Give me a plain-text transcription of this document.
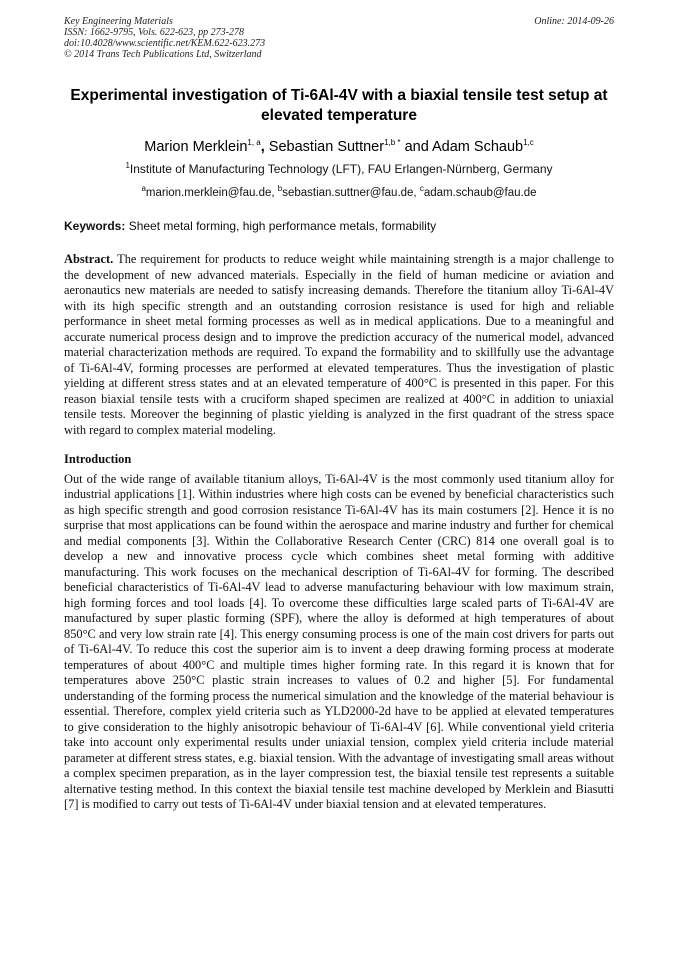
Key Engineering Materials
ISSN: 1662-9795, Vols. 622-623, pp 273-278
doi:10.4028/www.scientific.net/KEM.622-623.273
© 2014 Trans Tech Publications Ltd, Switzerland
Online: 2014-09-26
Experimental investigation of Ti-6Al-4V with a biaxial tensile test setup at elevated temperature
Marion Merklein$^{1, a}$, Sebastian Suttner$^{1,b *}$ and Adam Schaub$^{1,c}$
$^1$Institute of Manufacturing Technology (LFT), FAU Erlangen-Nürnberg, Germany
$^a$marion.merklein@fau.de, $^b$sebastian.suttner@fau.de, $^c$adam.schaub@fau.de
Keywords: Sheet metal forming, high performance metals, formability

Abstract. The requirement for products to reduce weight while maintaining strength is a major challenge to the development of new advanced materials. Especially in the field of human medicine or aviation and aeronautics new materials are needed to satisfy increasing demands. Therefore the titanium alloy Ti-6Al-4V with its high specific strength and an outstanding corrosion resistance is used for high and reliable performance in sheet metal forming processes as well as in medical applications. Due to a meaningful and accurate numerical process design and to improve the prediction accuracy of the numerical model, advanced material characterization methods are required. To expand the formability and to skillfully use the advantage of Ti-6Al-4V, forming processes are performed at elevated temperatures. Thus the investigation of plastic yielding at different stress states and at an elevated temperature of 400°C is presented in this paper. For this reason biaxial tensile tests with a cruciform shaped specimen are realized at 400°C in addition to uniaxial tensile tests. Moreover the beginning of plastic yielding is analyzed in the first quadrant of the stress space with regard to complex material modeling.

Introduction

Out of the wide range of available titanium alloys, Ti-6Al-4V is the most commonly used titanium alloy for industrial applications [1]. Within industries where high costs can be evened by beneficial characteristics such as high specific strength and good corrosion resistance Ti-6Al-4V has its main costumers [2]. Hence it is no surprise that most applications can be found within the aerospace and marine industry and further for chemical and medial components [3]. Within the Collaborative Research Center (CRC) 814 one overall goal is to develop a new and innovative process cycle which combines sheet metal forming with additive manufacturing. This work focuses on the mechanical description of Ti-6Al-4V for forming. The described beneficial characteristics of Ti-6Al-4V lead to adverse manufacturing behaviour with low maximum strain, high forming forces and tool loads [4]. To overcome these difficulties large scaled parts of Ti-6Al-4V are manufactured by super plastic forming (SPF), where the alloy is deformed at high temperatures of about 850°C and very low strain rate [4]. This energy consuming process is one of the main cost drivers for parts out of Ti-6Al-4V. To reduce this cost the superior aim is to invent a deep drawing forming process at moderate temperatures of about 400°C and multiple times higher forming rate. In this regard it is known that for temperatures above 250°C plastic strain increases to values of 0.2 and higher [5]. For fundamental understanding of the forming process the numerical simulation and the knowledge of the material behaviour is essential. Therefore, complex yield criteria such as YLD2000-2d have to be applied at elevated temperatures to give consideration to the highly anisotropic behaviour of Ti-6Al-4V [6]. While conventional yield criteria take into account only experimental results under uniaxial tension, complex yield criteria include material parameter at different stress states, e.g. biaxial tension. With the advantage of investigating small areas without a complex specimen preparation, as in the layer compression test, the biaxial tensile test represents a suitable alternative testing method. In this context the biaxial tensile test machine developed by Merklein and Biasutti [7] is modified to carry out tests of Ti-6Al-4V under biaxial tension and at elevated temperatures.
